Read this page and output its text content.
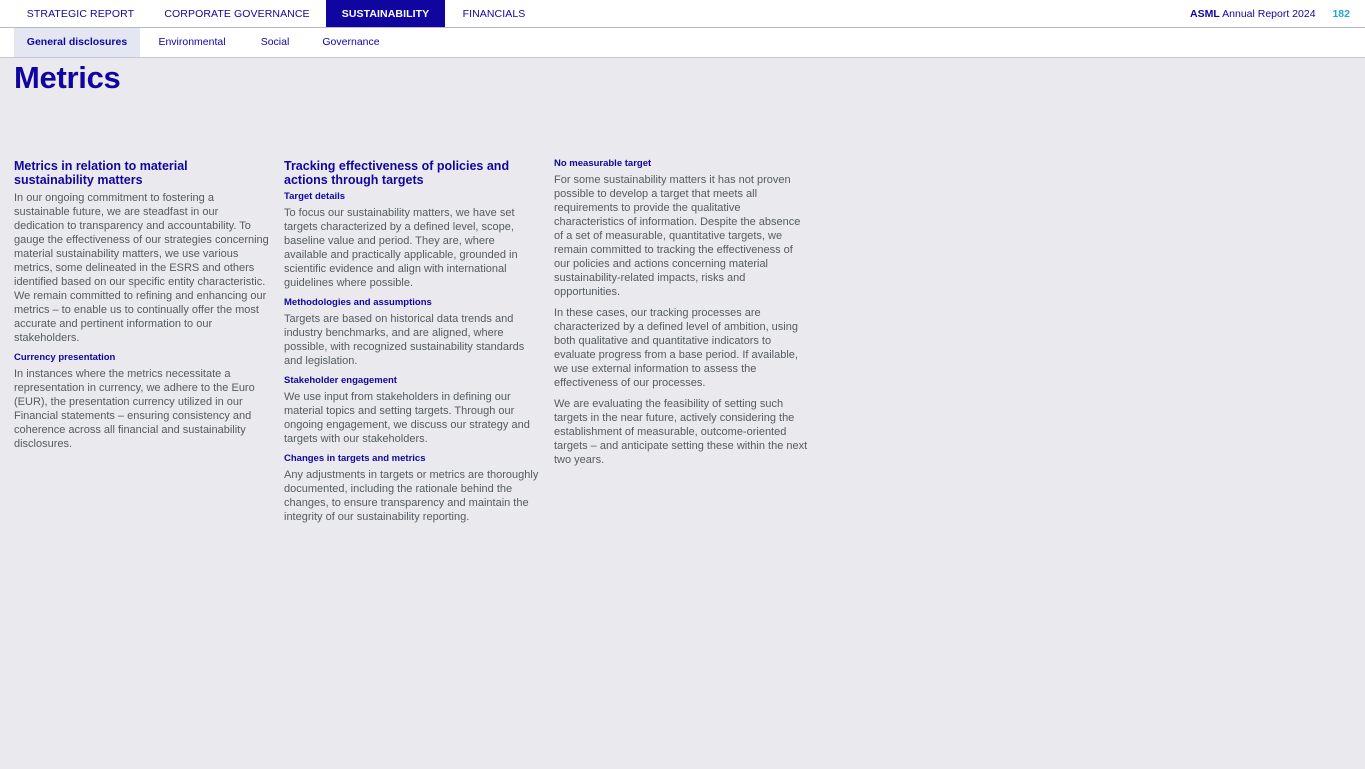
STRATEGIC REPORT	CORPORATE GOVERNANCE	SUSTAINABILITY	FINANCIALS	ASML Annual Report 2024 182
General disclosures	Environmental	Social	Governance
Metrics
Metrics in relation to material sustainability matters

In our ongoing commitment to fostering a sustainable future, we are steadfast in our dedication to transparency and accountability. To gauge the effectiveness of our strategies concerning material sustainability matters, we use various metrics, some delineated in the ESRS and others identified based on our specific entity characteristic. We remain committed to refining and enhancing our metrics – to enable us to continually offer the most accurate and pertinent information to our stakeholders.

Currency presentation

In instances where the metrics necessitate a representation in currency, we adhere to the Euro (EUR), the presentation currency utilized in our Financial statements – ensuring consistency and coherence across all financial and sustainability disclosures.

Tracking effectiveness of policies and actions through targets
Target details

To focus our sustainability matters, we have set targets characterized by a defined level, scope, baseline value and period. They are, where available and practically applicable, grounded in scientific evidence and align with international guidelines where possible.

Methodologies and assumptions

Targets are based on historical data trends and industry benchmarks, and are aligned, where possible, with recognized sustainability standards and legislation.

Stakeholder engagement

We use input from stakeholders in defining our material topics and setting targets. Through our ongoing engagement, we discuss our strategy and targets with our stakeholders.

Changes in targets and metrics

Any adjustments in targets or metrics are thoroughly documented, including the rationale behind the changes, to ensure transparency and maintain the integrity of our sustainability reporting.

No measurable target

For some sustainability matters it has not proven possible to develop a target that meets all requirements to provide the qualitative characteristics of information. Despite the absence of a set of measurable, quantitative targets, we remain committed to tracking the effectiveness of our policies and actions concerning material sustainability-related impacts, risks and opportunities.

In these cases, our tracking processes are characterized by a defined level of ambition, using both qualitative and quantitative indicators to evaluate progress from a base period. If available, we use external information to assess the effectiveness of our processes.

We are evaluating the feasibility of setting such targets in the near future, actively considering the establishment of measurable, outcome-oriented targets – and anticipate setting these within the next two years.
